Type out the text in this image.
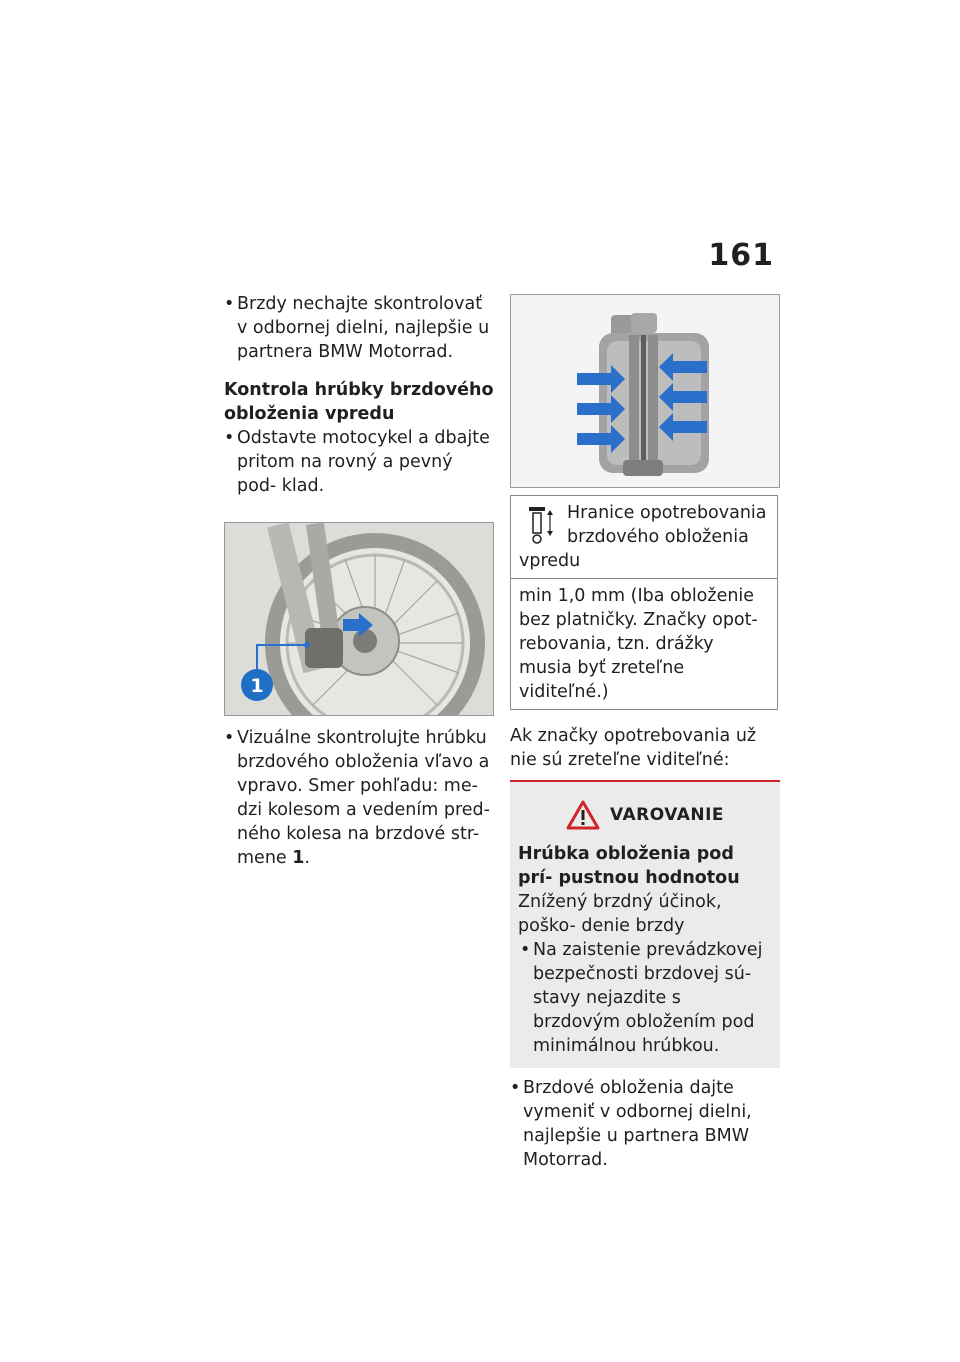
161

• Brzdy nechajte skontrolovať v odbornej dielni, najlepšie u partnera BMW Motorrad.

Kontrola hrúbky brzdového obloženia vpredu

• Odstavte motocykel a dbajte pritom na rovný a pevný pod- klad.

1

• Vizuálne skontrolujte hrúbku brzdového obloženia vľavo a vpravo. Smer pohľadu: me- dzi kolesom a vedením pred- ného kolesa na brzdové str- mene 1.

Hranice opotrebovania brzdového obloženia vpredu
min 1,0 mm (Iba obloženie bez platničky. Značky opot- rebovania, tzn. drážky musia byť zreteľne viditeľné.)

Ak značky opotrebovania už nie sú zreteľne viditeľné:

VAROVANIE

Hrúbka obloženia pod prí- pustnou hodnotou

Znížený brzdný účinok, poško- denie brzdy

• Na zaistenie prevádzkovej bezpečnosti brzdovej sú- stavy nejazdite s brzdovým obložením pod minimálnou hrúbkou.

• Brzdové obloženia dajte vymeniť v odbornej dielni, najlepšie u partnera BMW Motorrad.
